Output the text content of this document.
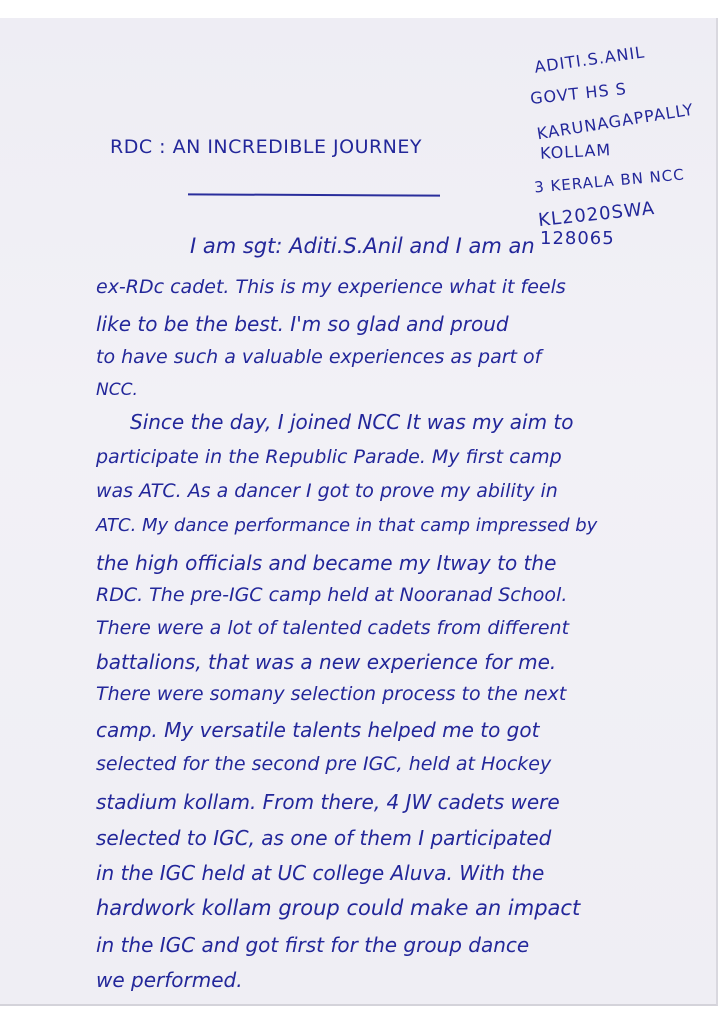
ADITI.S.ANIL
GOVT HS S
KARUNAGAPPALLY
KOLLAM
3 KERALA BN NCC
KL2020SWA
128065
RDC : AN INCREDIBLE JOURNEY
I am sgt: Aditi.S.Anil and I am an
ex-RDc cadet. This is my experience what it feels
like to be the best. I'm so glad and proud
to have such a valuable experiences as part of
NCC.
Since the day, I joined NCC It was my aim to
participate in the Republic Parade. My first camp
was ATC. As a dancer I got to prove my ability in
ATC. My dance performance in that camp impressed by
the high officials and became my Itway to the
RDC. The pre-IGC camp held at Nooranad School.
There were a lot of talented cadets from different
battalions, that was a new experience for me.
There were somany selection process to the next
camp. My versatile talents helped me to got
selected for the second pre IGC, held at Hockey
stadium kollam. From there, 4 JW cadets were
selected to IGC, as one of them I participated
in the IGC held at UC college Aluva. With the
hardwork kollam group could make an impact
in the IGC and got first for the group dance
we performed.
